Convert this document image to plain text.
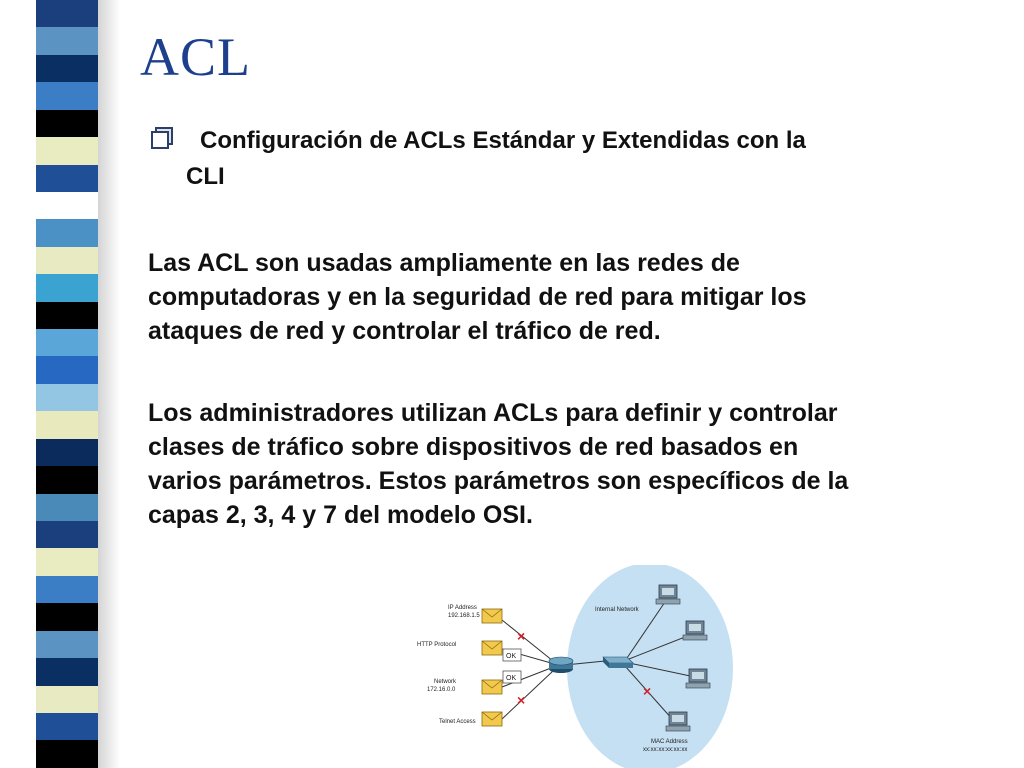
ACL
Configuración de ACLs Estándar y Extendidas con la
CLI
Las ACL son usadas ampliamente en las redes de
computadoras y en la seguridad de red para mitigar los
ataques de red y controlar el tráfico de red.
Los administradores utilizan ACLs para definir y controlar
clases de tráfico sobre dispositivos de red basados en
varios parámetros. Estos parámetros son específicos de la
capas 2, 3, 4 y 7 del modelo OSI.
OK
OK
×
×
×
IP Address
192.168.1.5
HTTP Protocol
Network
172.16.0.0
Telnet Access
Internal Network
MAC Address
xx:xx:xx:xx:xx:xx
